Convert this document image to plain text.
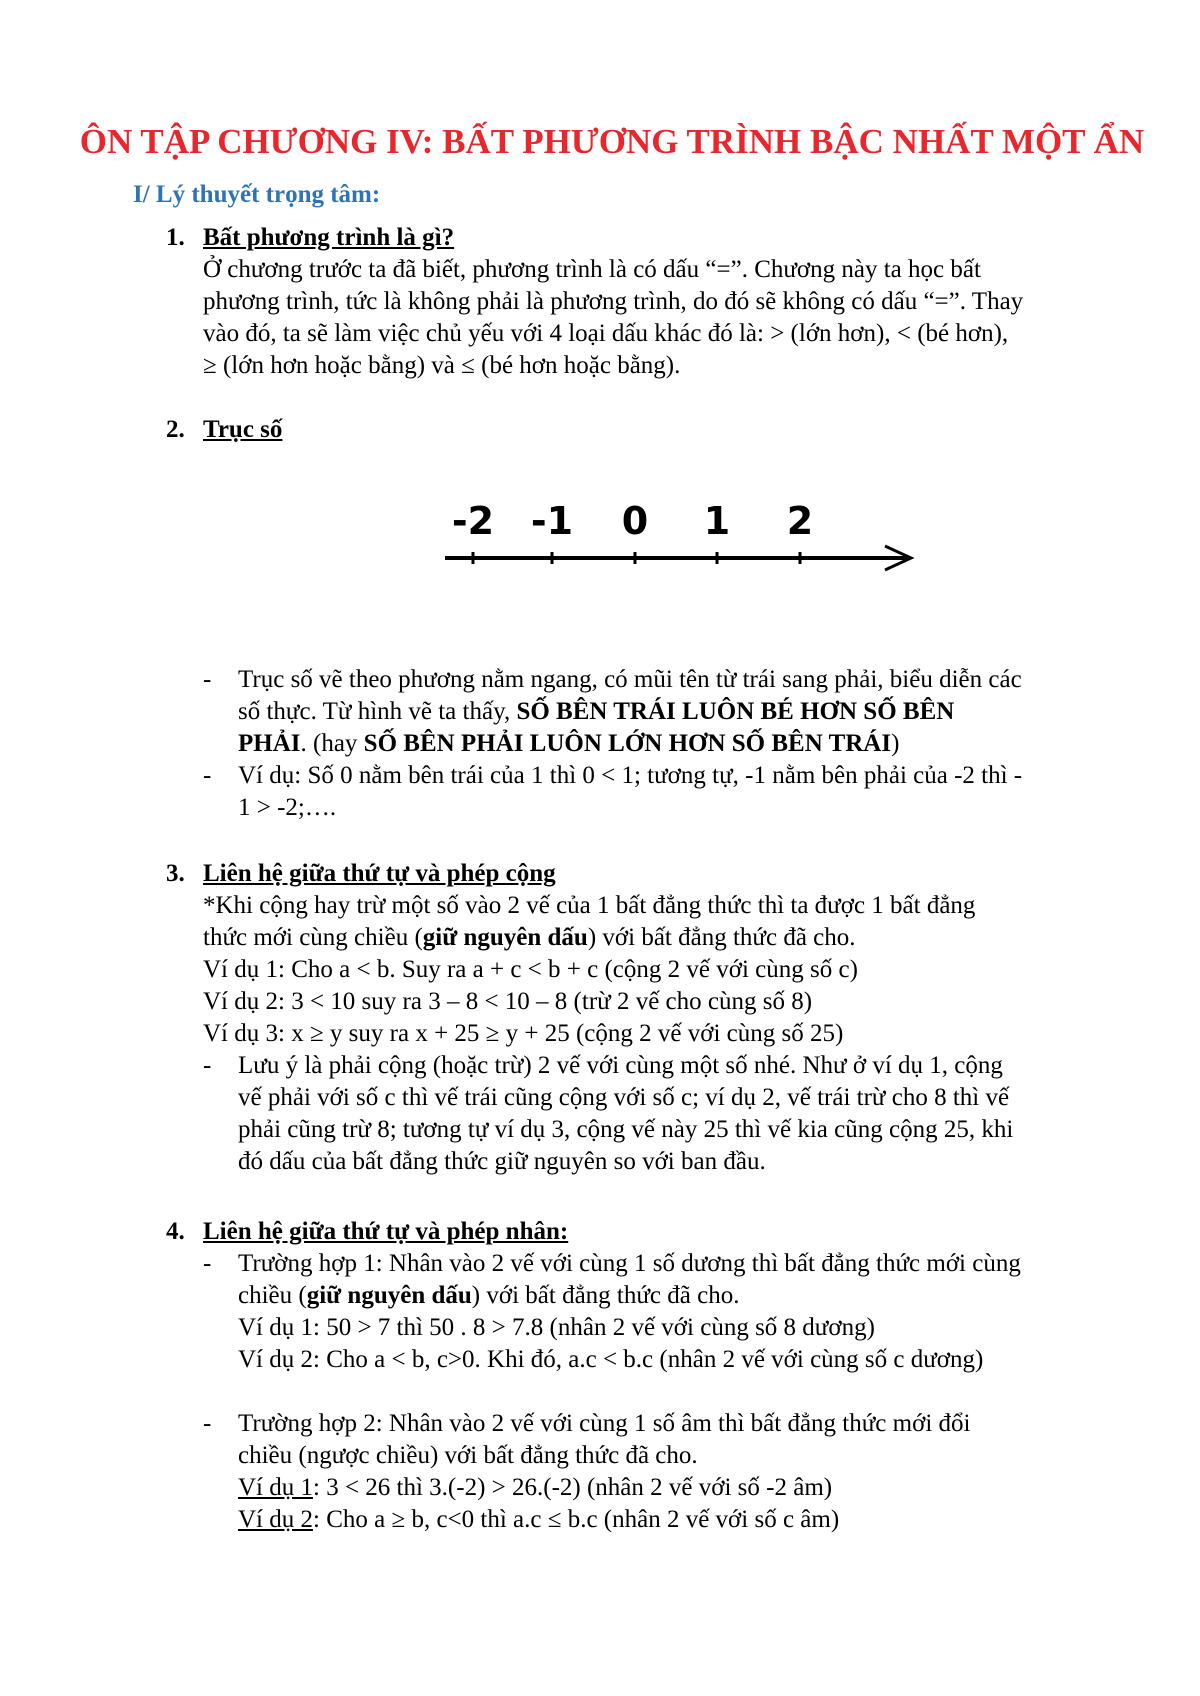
ÔN TẬP CHƯƠNG IV: BẤT PHƯƠNG TRÌNH BẬC NHẤT MỘT ẨN
I/ Lý thuyết trọng tâm:
1. Bất phương trình là gì?
Ở chương trước ta đã biết, phương trình là có dấu “=”. Chương này ta học bất
phương trình, tức là không phải là phương trình, do đó sẽ không có dấu “=”. Thay
vào đó, ta sẽ làm việc chủ yếu với 4 loại dấu khác đó là: > (lớn hơn), < (bé hơn),
≥ (lớn hơn hoặc bằng) và ≤ (bé hơn hoặc bằng).
2. Trục số
-2 -1 0 1 2
- Trục số vẽ theo phương nằm ngang, có mũi tên từ trái sang phải, biểu diễn các
số thực. Từ hình vẽ ta thấy, SỐ BÊN TRÁI LUÔN BÉ HƠN SỐ BÊN
PHẢI. (hay SỐ BÊN PHẢI LUÔN LỚN HƠN SỐ BÊN TRÁI)
- Ví dụ: Số 0 nằm bên trái của 1 thì 0 < 1; tương tự, -1 nằm bên phải của -2 thì -
1 > -2;….
3. Liên hệ giữa thứ tự và phép cộng
*Khi cộng hay trừ một số vào 2 vế của 1 bất đẳng thức thì ta được 1 bất đẳng
thức mới cùng chiều (giữ nguyên dấu) với bất đẳng thức đã cho.
Ví dụ 1: Cho a < b. Suy ra a + c < b + c (cộng 2 vế với cùng số c)
Ví dụ 2: 3 < 10 suy ra 3 – 8 < 10 – 8 (trừ 2 vế cho cùng số 8)
Ví dụ 3: x ≥ y suy ra x + 25 ≥ y + 25 (cộng 2 vế với cùng số 25)
- Lưu ý là phải cộng (hoặc trừ) 2 vế với cùng một số nhé. Như ở ví dụ 1, cộng
vế phải với số c thì vế trái cũng cộng với số c; ví dụ 2, vế trái trừ cho 8 thì vế
phải cũng trừ 8; tương tự ví dụ 3, cộng vế này 25 thì vế kia cũng cộng 25, khi
đó dấu của bất đẳng thức giữ nguyên so với ban đầu.
4. Liên hệ giữa thứ tự và phép nhân:
- Trường hợp 1: Nhân vào 2 vế với cùng 1 số dương thì bất đẳng thức mới cùng
chiều (giữ nguyên dấu) với bất đẳng thức đã cho.
Ví dụ 1: 50 > 7 thì 50 . 8 > 7.8 (nhân 2 vế với cùng số 8 dương)
Ví dụ 2: Cho a < b, c>0. Khi đó, a.c < b.c (nhân 2 vế với cùng số c dương)
- Trường hợp 2: Nhân vào 2 vế với cùng 1 số âm thì bất đẳng thức mới đổi
chiều (ngược chiều) với bất đẳng thức đã cho.
Ví dụ 1: 3 < 26 thì 3.(-2) > 26.(-2) (nhân 2 vế với số -2 âm)
Ví dụ 2: Cho a ≥ b, c<0 thì a.c ≤ b.c (nhân 2 vế với số c âm)
